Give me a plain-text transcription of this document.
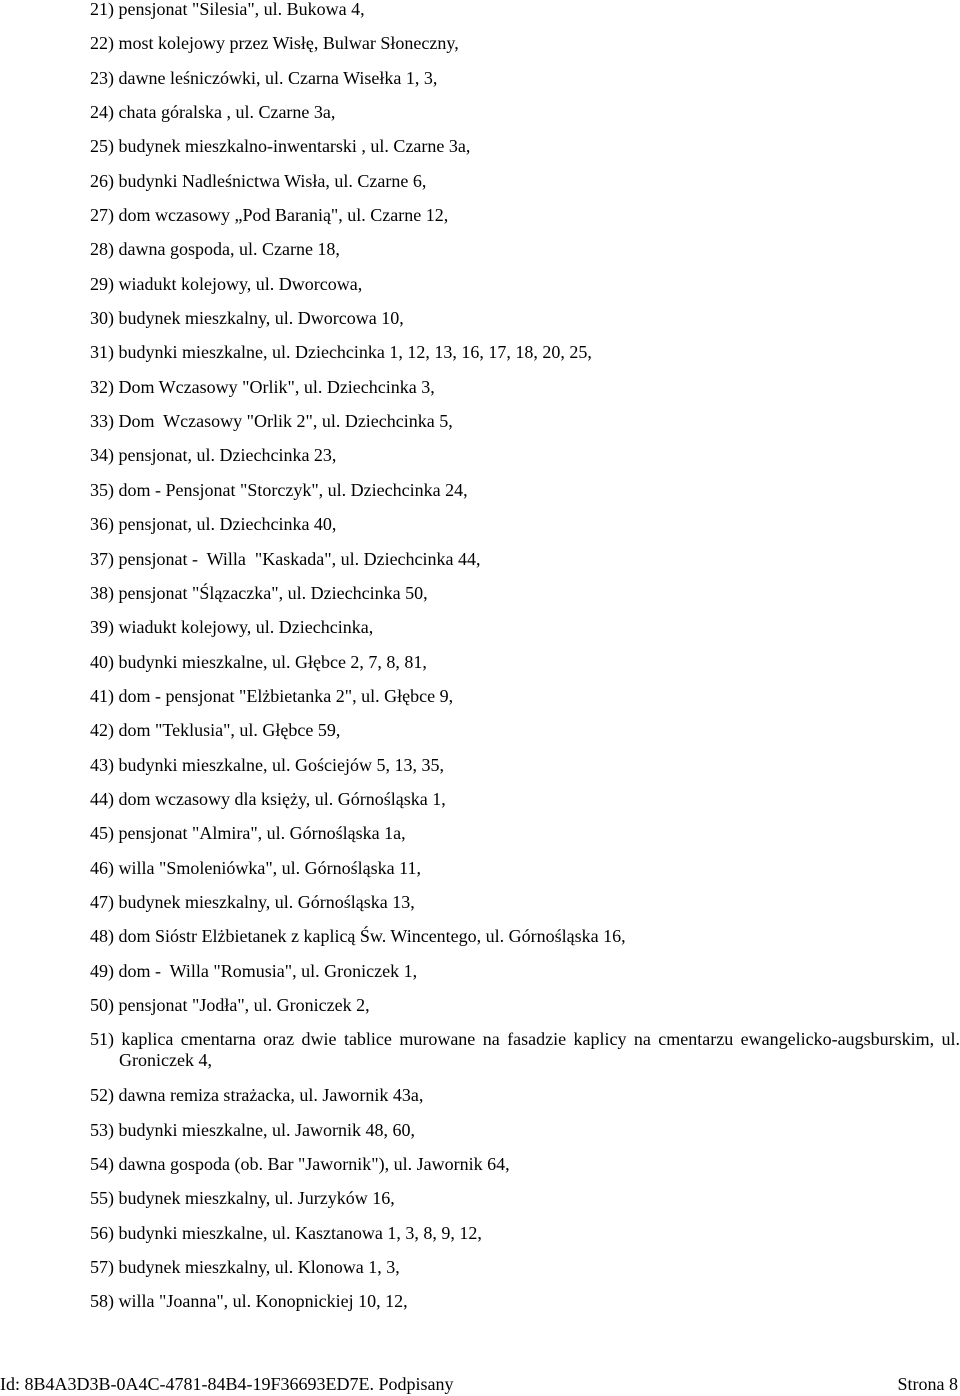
21) pensjonat "Silesia", ul. Bukowa 4,
22) most kolejowy przez Wisłę, Bulwar Słoneczny,
23) dawne leśniczówki, ul. Czarna Wisełka 1, 3,
24) chata góralska , ul. Czarne 3a,
25) budynek mieszkalno-inwentarski , ul. Czarne 3a,
26) budynki Nadleśnictwa Wisła, ul. Czarne 6,
27) dom wczasowy „Pod Baranią", ul. Czarne 12,
28) dawna gospoda, ul. Czarne 18,
29) wiadukt kolejowy, ul. Dworcowa,
30) budynek mieszkalny, ul. Dworcowa 10,
31) budynki mieszkalne, ul. Dziechcinka 1, 12, 13, 16, 17, 18, 20, 25,
32) Dom Wczasowy "Orlik", ul. Dziechcinka 3,
33) Dom  Wczasowy "Orlik 2", ul. Dziechcinka 5,
34) pensjonat, ul. Dziechcinka 23,
35) dom - Pensjonat "Storczyk", ul. Dziechcinka 24,
36) pensjonat, ul. Dziechcinka 40,
37) pensjonat -  Willa  "Kaskada", ul. Dziechcinka 44,
38) pensjonat "Ślązaczka", ul. Dziechcinka 50,
39) wiadukt kolejowy, ul. Dziechcinka,
40) budynki mieszkalne, ul. Głębce 2, 7, 8, 81,
41) dom - pensjonat "Elżbietanka 2", ul. Głębce 9,
42) dom "Teklusia", ul. Głębce 59,
43) budynki mieszkalne, ul. Gościejów 5, 13, 35,
44) dom wczasowy dla księży, ul. Górnośląska 1,
45) pensjonat "Almira", ul. Górnośląska 1a,
46) willa "Smoleniówka", ul. Górnośląska 11,
47) budynek mieszkalny, ul. Górnośląska 13,
48) dom Sióstr Elżbietanek z kaplicą Św. Wincentego, ul. Górnośląska 16,
49) dom -  Willa "Romusia", ul. Groniczek 1,
50) pensjonat "Jodła", ul. Groniczek 2,
51) kaplica cmentarna oraz dwie tablice murowane na fasadzie kaplicy na cmentarzu ewangelicko-augsburskim, ul. Groniczek 4,
52) dawna remiza strażacka, ul. Jawornik 43a,
53) budynki mieszkalne, ul. Jawornik 48, 60,
54) dawna gospoda (ob. Bar "Jawornik"), ul. Jawornik 64,
55) budynek mieszkalny, ul. Jurzyków 16,
56) budynki mieszkalne, ul. Kasztanowa 1, 3, 8, 9, 12,
57) budynek mieszkalny, ul. Klonowa 1, 3,
58) willa "Joanna", ul. Konopnickiej 10, 12,
Id: 8B4A3D3B-0A4C-4781-84B4-19F36693ED7E. Podpisany	Strona 8
